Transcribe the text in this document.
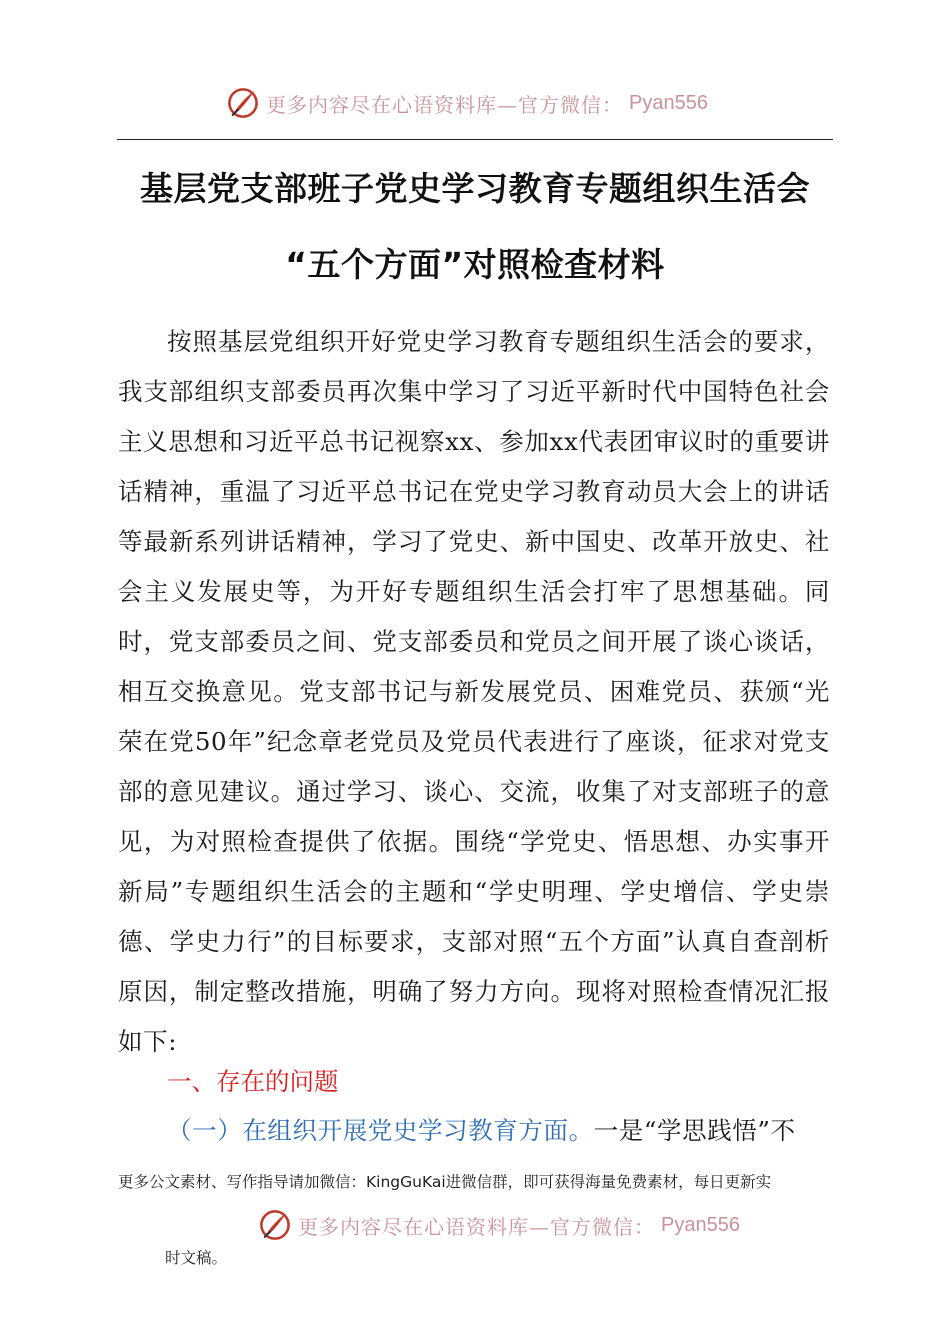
更多内容尽在心语资料库—官方微信： Pyan556
基层党支部班子党史学习教育专题组织生活会
“五个方面”对照检查材料
按照基层党组织开好党史学习教育专题组织生活会的要求，我支部组织支部委员再次集中学习了习近平新时代中国特色社会主义思想和习近平总书记视察xx、参加xx代表团审议时的重要讲话精神，重温了习近平总书记在党史学习教育动员大会上的讲话等最新系列讲话精神，学习了党史、新中国史、改革开放史、社会主义发展史等，为开好专题组织生活会打牢了思想基础。同时，党支部委员之间、党支部委员和党员之间开展了谈心谈话，相互交换意见。党支部书记与新发展党员、困难党员、获颁“光荣在党50年”纪念章老党员及党员代表进行了座谈，征求对党支部的意见建议。通过学习、谈心、交流，收集了对支部班子的意见，为对照检查提供了依据。围绕“学党史、悟思想、办实事开新局”专题组织生活会的主题和“学史明理、学史增信、学史崇德、学史力行”的目标要求，支部对照“五个方面”认真自查剖析原因，制定整改措施，明确了努力方向。现将对照检查情况汇报如下:
一、存在的问题
（一）在组织开展党史学习教育方面。一是“学思践悟”不
更多公文素材、写作指导请加微信：KingGuKai进微信群，即可获得海量免费素材，每日更新实
更多内容尽在心语资料库—官方微信： Pyan556
时文稿。
